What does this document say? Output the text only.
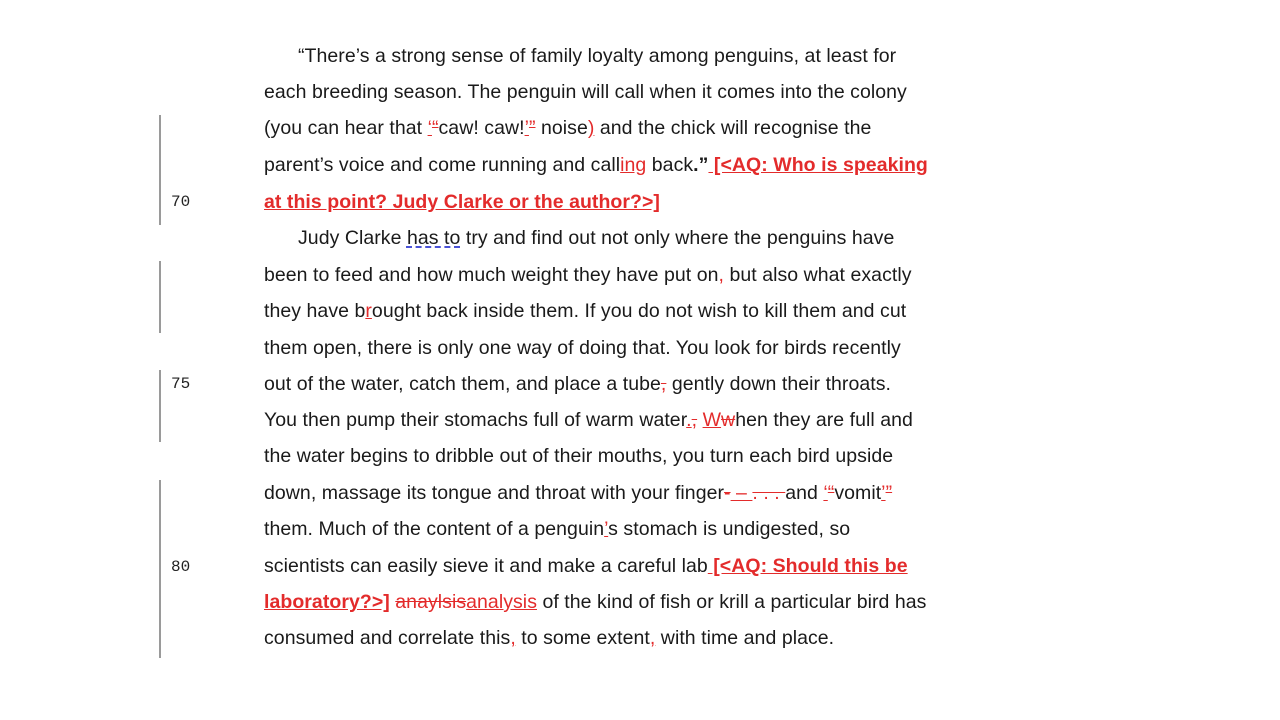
70
75
80
“There’s a strong sense of family loyalty among penguins, at least for
each breeding season. The penguin will call when it comes into the colony
(you can hear that ‘“caw! caw!’” noise) and the chick will recognise the
parent’s voice and come running and calling back.” [<AQ: Who is speaking
at this point? Judy Clarke or the author?>]
Judy Clarke has to try and find out not only where the penguins have
been to feed and how much weight they have put on, but also what exactly
they have brought back inside them. If you do not wish to kill them and cut
them open, there is only one way of doing that. You look for birds recently
out of the water, catch them, and place a tube, gently down their throats.
You then pump their stomachs full of warm water., Wwhen they are full and
the water begins to dribble out of their mouths, you turn each bird upside
down, massage its tongue and throat with your finger- – . . . and ‘“vomit’”
them. Much of the content of a penguin’s stomach is undigested, so
scientists can easily sieve it and make a careful lab [<AQ: Should this be
laboratory?>] anaylsisanalysis of the kind of fish or krill a particular bird has
consumed and correlate this, to some extent, with time and place.
